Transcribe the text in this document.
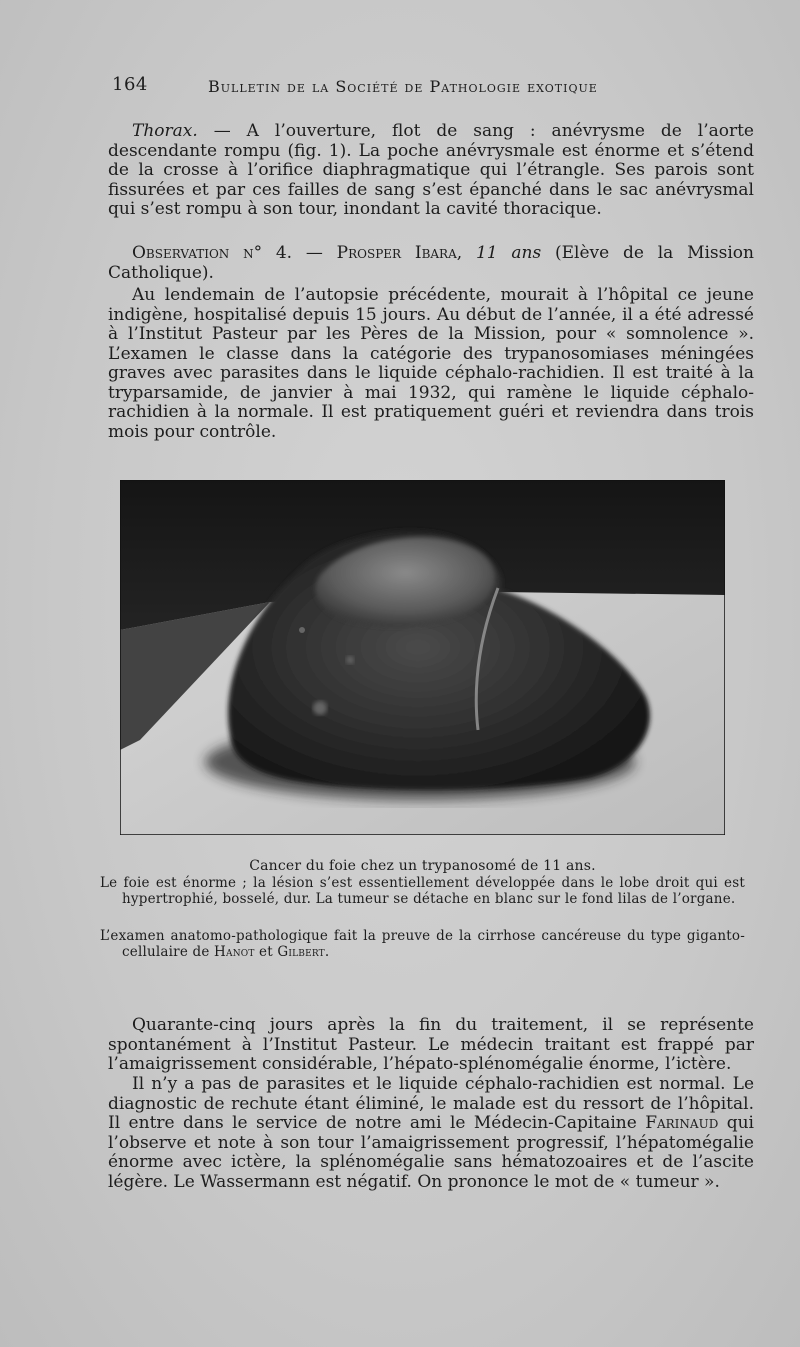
164	Bulletin de la Société de Pathologie exotique
Thorax. — A l’ouverture, flot de sang : anévrysme de l’aorte descendante rompu (fig. 1). La poche anévrysmale est énorme et s’étend de la crosse à l’orifice diaphragmatique qui l’étrangle. Ses parois sont fissurées et par ces failles de sang s’est épanché dans le sac anévrysmal qui s’est rompu à son tour, inondant la cavité thoracique.
Observation n° 4. — Prosper Ibara, 11 ans (Elève de la Mission Catholique).
Au lendemain de l’autopsie précédente, mourait à l’hôpital ce jeune indigène, hospitalisé depuis 15 jours. Au début de l’année, il a été adressé à l’Institut Pasteur par les Pères de la Mission, pour « somnolence ». L’examen le classe dans la catégorie des trypanosomiases méningées graves avec parasites dans le liquide céphalo-rachidien. Il est traité à la tryparsamide, de janvier à mai 1932, qui ramène le liquide céphalo-rachidien à la normale. Il est pratiquement guéri et reviendra dans trois mois pour contrôle.
Cancer du foie chez un trypanosomé de 11 ans.
Le foie est énorme ; la lésion s’est essentiellement développée dans le lobe droit qui est hypertrophié, bosselé, dur. La tumeur se détache en blanc sur le fond lilas de l’organe.
L’examen anatomo-pathologique fait la preuve de la cirrhose cancéreuse du type giganto-cellulaire de Hanot et Gilbert.
Quarante-cinq jours après la fin du traitement, il se représente spontanément à l’Institut Pasteur. Le médecin traitant est frappé par l’amaigrissement considérable, l’hépato-splénomégalie énorme, l’ictère.
Il n’y a pas de parasites et le liquide céphalo-rachidien est normal. Le diagnostic de rechute étant éliminé, le malade est du ressort de l’hôpital. Il entre dans le service de notre ami le Médecin-Capitaine Farinaud qui l’observe et note à son tour l’amaigrissement progressif, l’hépatomégalie énorme avec ictère, la splénomégalie sans hématozoaires et de l’ascite légère. Le Wassermann est négatif. On prononce le mot de « tumeur ».
